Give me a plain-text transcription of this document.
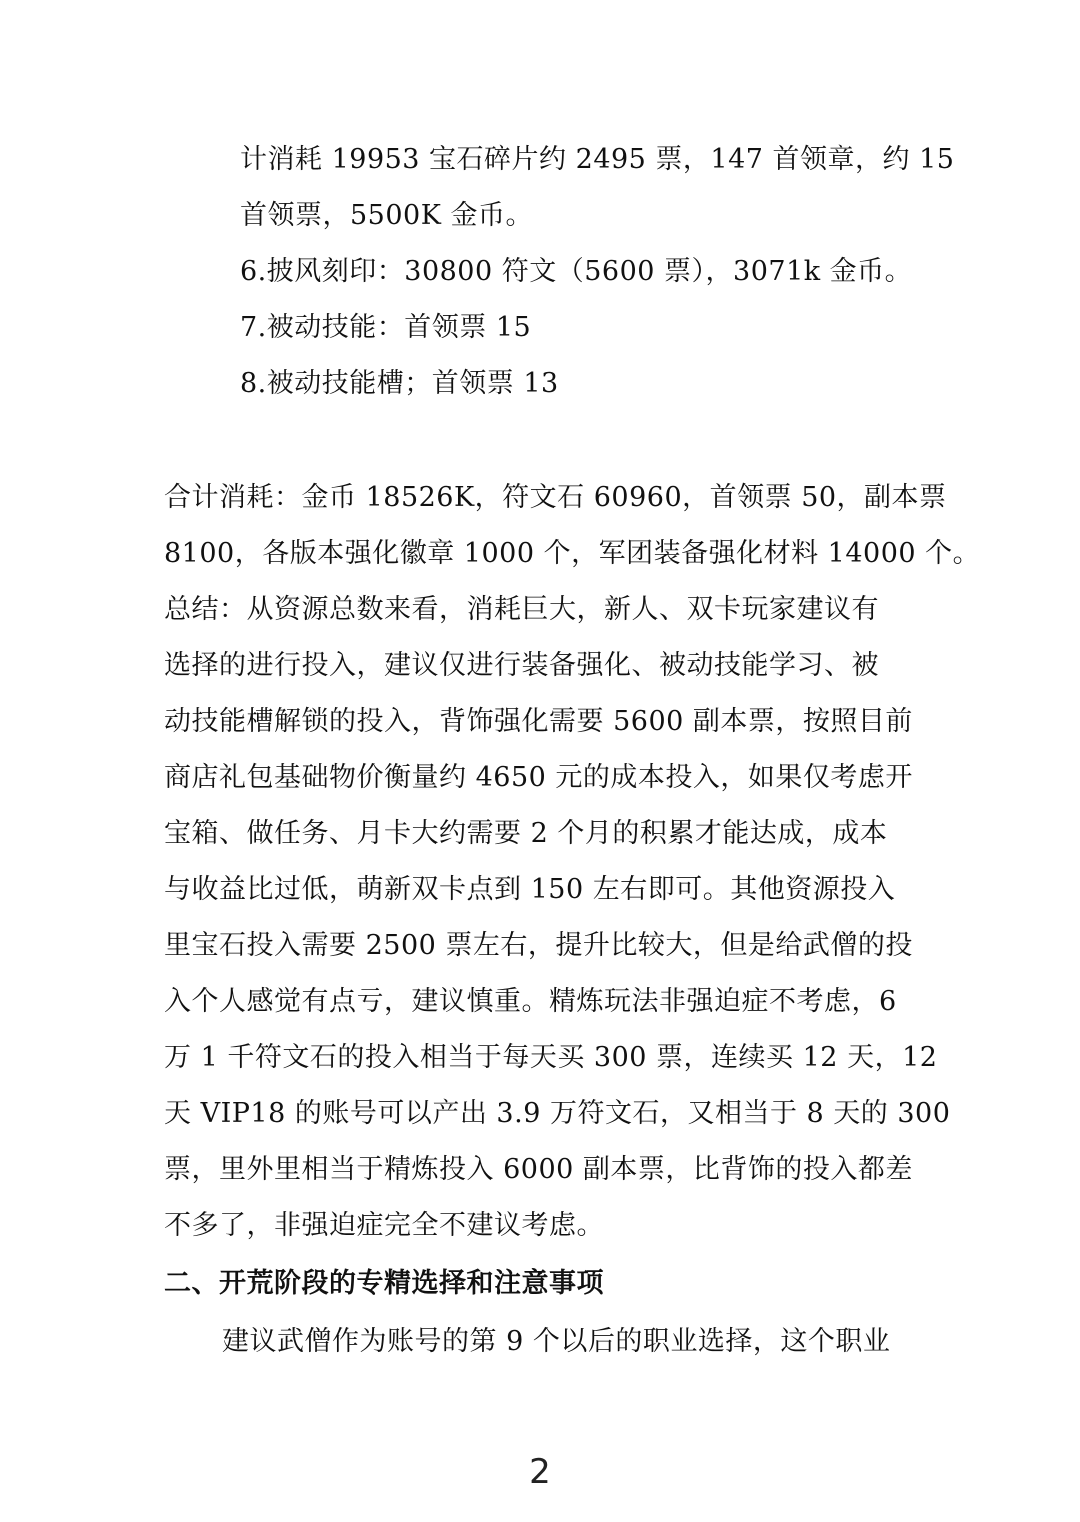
计消耗 19953 宝石碎片约 2495 票，147 首领章，约 15
首领票，5500K 金币。
6.披风刻印：30800 符文（5600 票），3071k 金币。
7.被动技能：首领票 15
8.被动技能槽；首领票 13
合计消耗：金币 18526K，符文石 60960，首领票 50，副本票
8100，各版本强化徽章 1000 个，军团装备强化材料 14000 个。
总结：从资源总数来看，消耗巨大，新人、双卡玩家建议有
选择的进行投入，建议仅进行装备强化、被动技能学习、被
动技能槽解锁的投入，背饰强化需要 5600 副本票，按照目前
商店礼包基础物价衡量约 4650 元的成本投入，如果仅考虑开
宝箱、做任务、月卡大约需要 2 个月的积累才能达成，成本
与收益比过低，萌新双卡点到 150 左右即可。其他资源投入
里宝石投入需要 2500 票左右，提升比较大，但是给武僧的投
入个人感觉有点亏，建议慎重。精炼玩法非强迫症不考虑，6
万 1 千符文石的投入相当于每天买 300 票，连续买 12 天，12
天 VIP18 的账号可以产出 3.9 万符文石，又相当于 8 天的 300
票，里外里相当于精炼投入 6000 副本票，比背饰的投入都差
不多了，非强迫症完全不建议考虑。
二、开荒阶段的专精选择和注意事项
建议武僧作为账号的第 9 个以后的职业选择，这个职业
2
